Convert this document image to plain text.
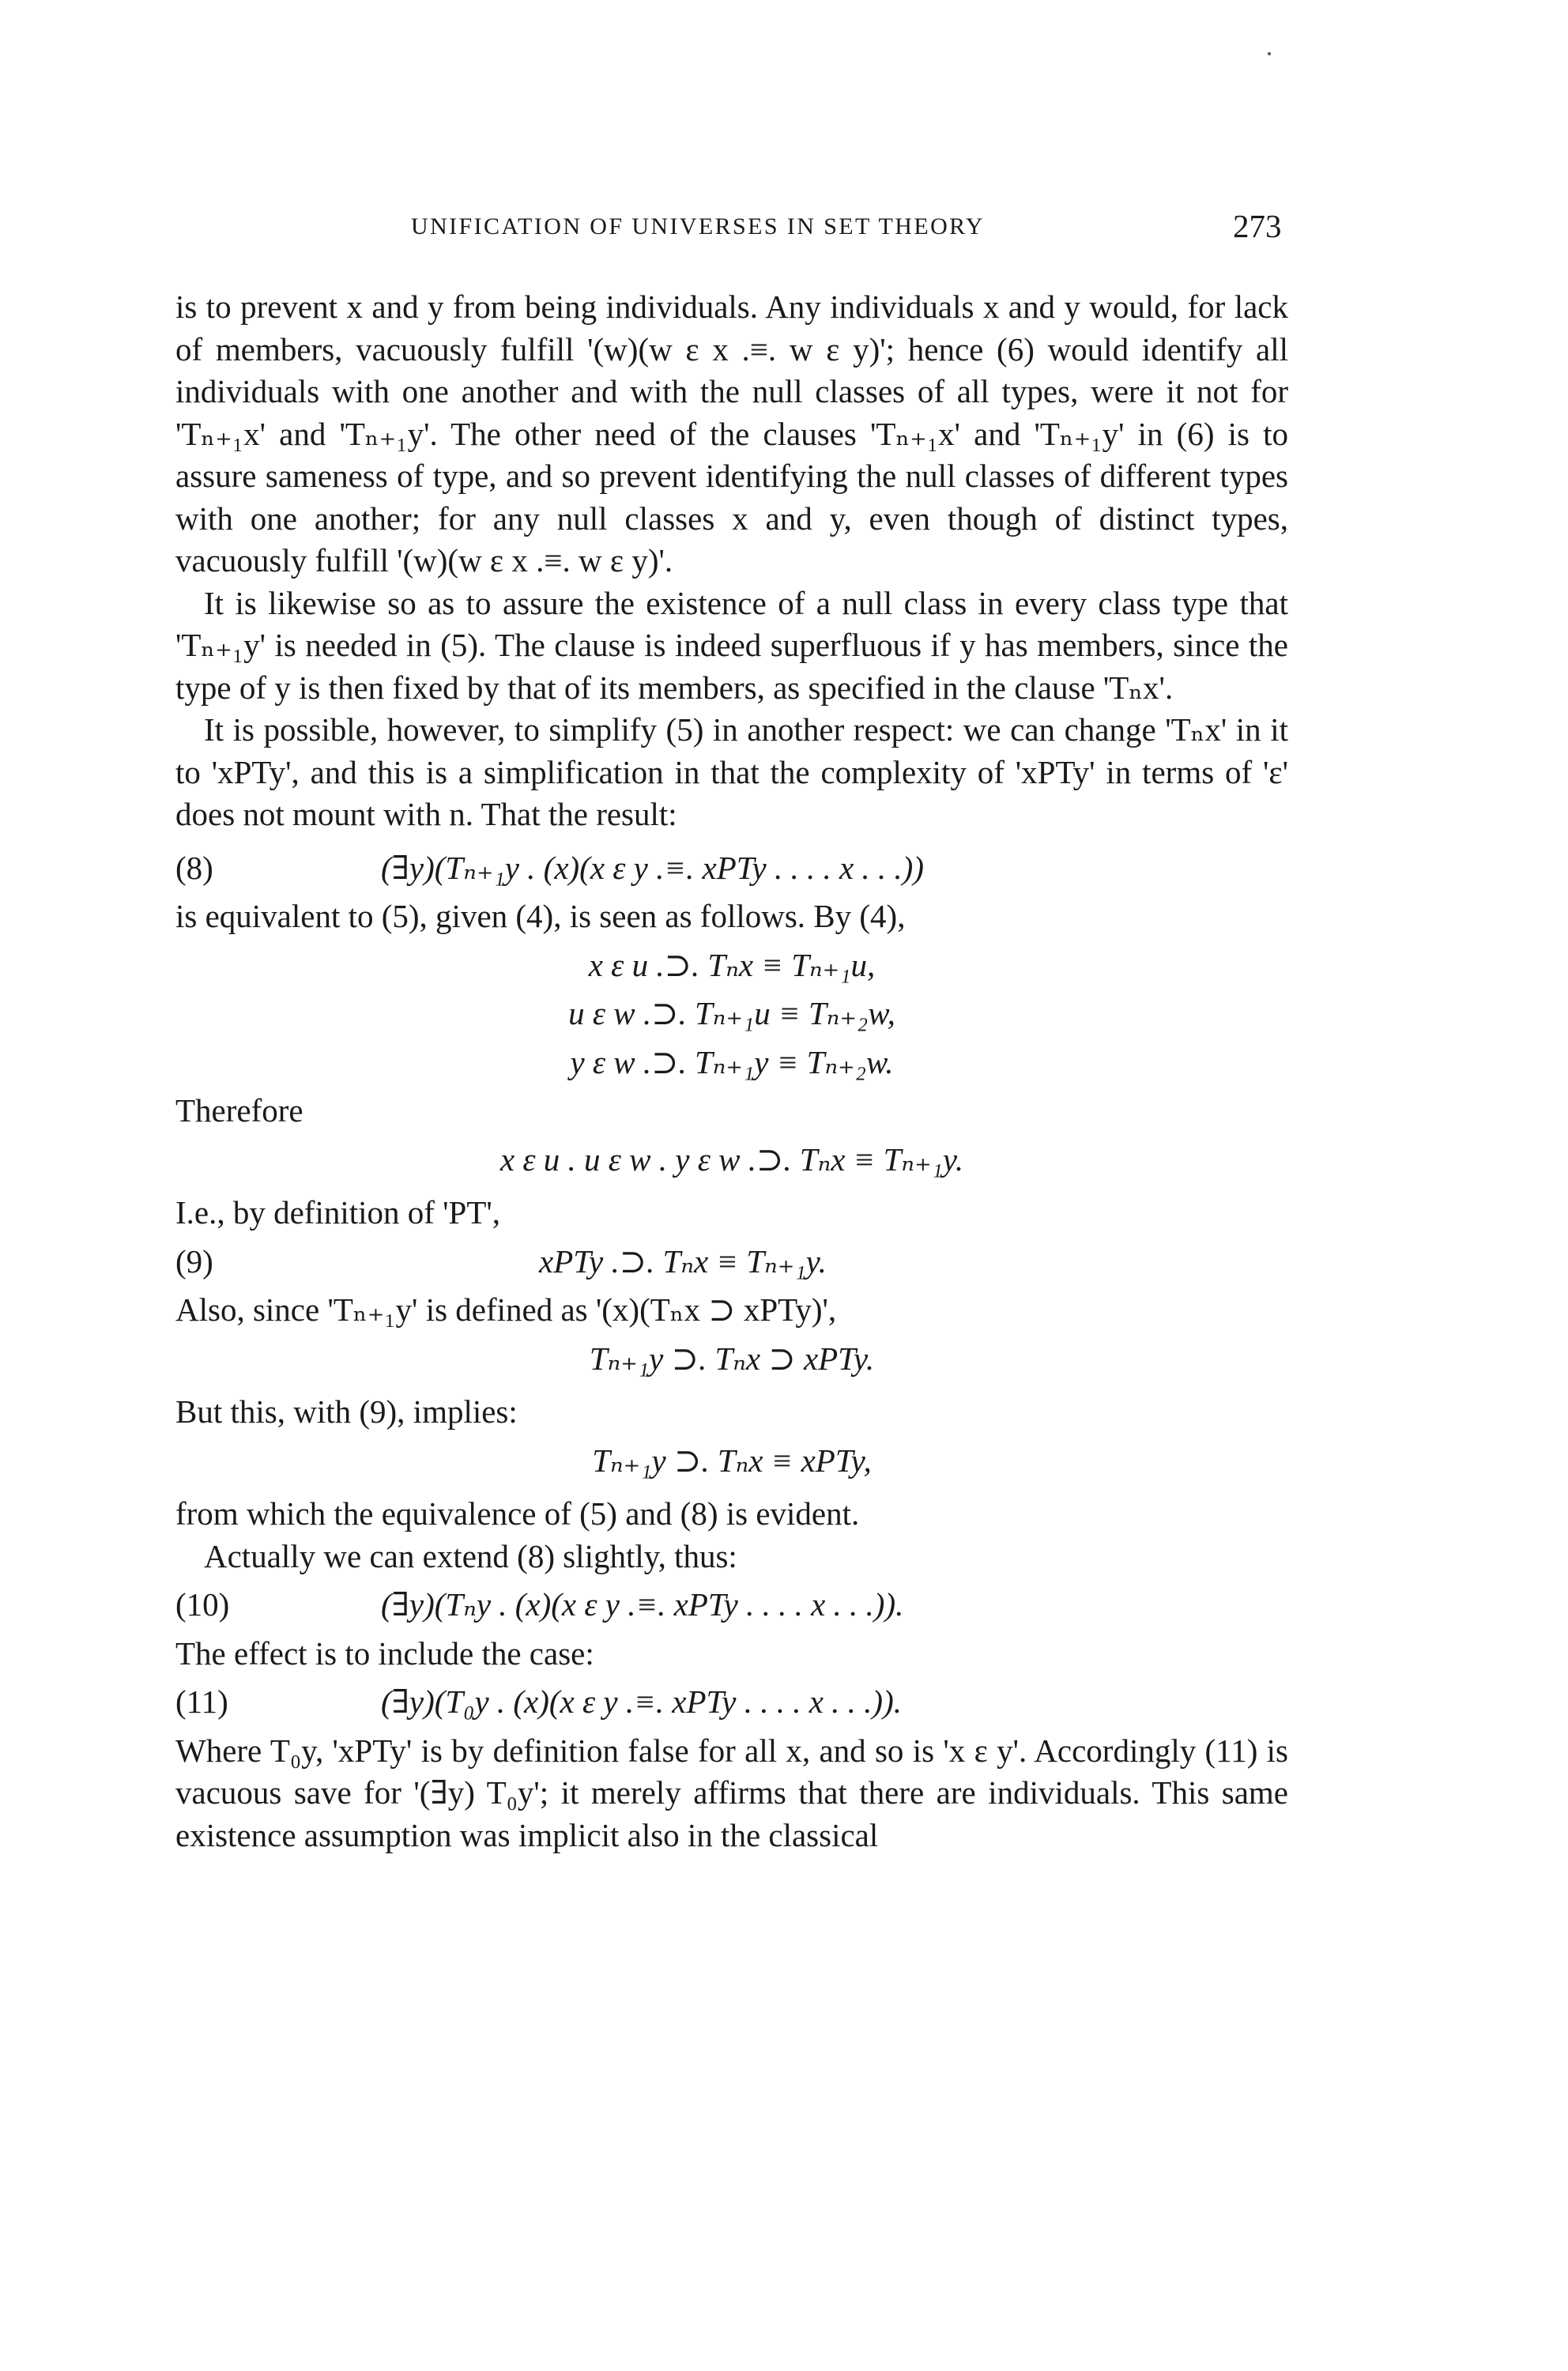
UNIFICATION OF UNIVERSES IN SET THEORY	273

is to prevent x and y from being individuals. Any individuals x and y would, for lack of members, vacuously fulfill '(w)(w ε x .≡. w ε y)'; hence (6) would identify all individuals with one another and with the null classes of all types, were it not for 'Tₙ₊₁x' and 'Tₙ₊₁y'. The other need of the clauses 'Tₙ₊₁x' and 'Tₙ₊₁y' in (6) is to assure sameness of type, and so prevent identifying the null classes of different types with one another; for any null classes x and y, even though of distinct types, vacuously fulfill '(w)(w ε x .≡. w ε y)'.

It is likewise so as to assure the existence of a null class in every class type that 'Tₙ₊₁y' is needed in (5). The clause is indeed superfluous if y has members, since the type of y is then fixed by that of its members, as specified in the clause 'Tₙx'.

It is possible, however, to simplify (5) in another respect: we can change 'Tₙx' in it to 'xPTy', and this is a simplification in that the complexity of 'xPTy' in terms of 'ε' does not mount with n. That the result:

(8)	(∃y)(Tₙ₊₁y . (x)(x ε y .≡. xPTy . . . . x . . .))

is equivalent to (5), given (4), is seen as follows. By (4),

x ε u .⊃. Tₙx ≡ Tₙ₊₁u,

u ε w .⊃. Tₙ₊₁u ≡ Tₙ₊₂w,

y ε w .⊃. Tₙ₊₁y ≡ Tₙ₊₂w.

Therefore

x ε u . u ε w . y ε w .⊃. Tₙx ≡ Tₙ₊₁y.

I.e., by definition of 'PT',

(9)	xPTy .⊃. Tₙx ≡ Tₙ₊₁y.

Also, since 'Tₙ₊₁y' is defined as '(x)(Tₙx ⊃ xPTy)',

Tₙ₊₁y ⊃. Tₙx ⊃ xPTy.

But this, with (9), implies:

Tₙ₊₁y ⊃. Tₙx ≡ xPTy,

from which the equivalence of (5) and (8) is evident.

Actually we can extend (8) slightly, thus:

(10)	(∃y)(Tₙy . (x)(x ε y .≡. xPTy . . . . x . . .)).

The effect is to include the case:

(11)	(∃y)(T₀y . (x)(x ε y .≡. xPTy . . . . x . . .)).

Where T₀y, 'xPTy' is by definition false for all x, and so is 'x ε y'. Accordingly (11) is vacuous save for '(∃y) T₀y'; it merely affirms that there are individuals. This same existence assumption was implicit also in the classical
